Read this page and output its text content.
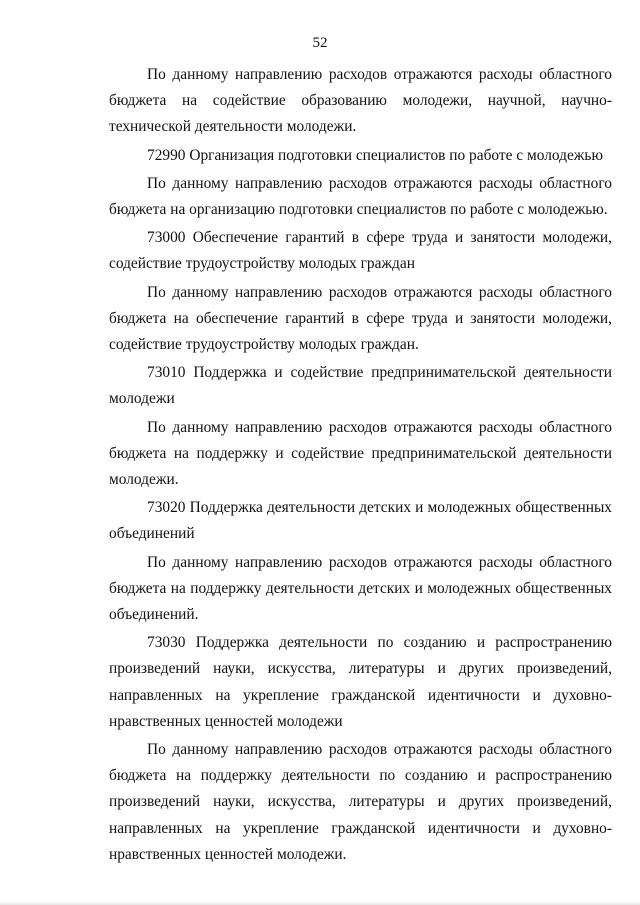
52

По данному направлению расходов отражаются расходы областного бюджета на содействие образованию молодежи, научной, научно-технической деятельности молодежи.

72990 Организация подготовки специалистов по работе с молодежью

По данному направлению расходов отражаются расходы областного бюджета на организацию подготовки специалистов по работе с молодежью.

73000 Обеспечение гарантий в сфере труда и занятости молодежи, содействие трудоустройству молодых граждан

По данному направлению расходов отражаются расходы областного бюджета на обеспечение гарантий в сфере труда и занятости молодежи, содействие трудоустройству молодых граждан.

73010 Поддержка и содействие предпринимательской деятельности молодежи

По данному направлению расходов отражаются расходы областного бюджета на поддержку и содействие предпринимательской деятельности молодежи.

73020 Поддержка деятельности детских и молодежных общественных объединений

По данному направлению расходов отражаются расходы областного бюджета на поддержку деятельности детских и молодежных общественных объединений.

73030 Поддержка деятельности по созданию и распространению произведений науки, искусства, литературы и других произведений, направленных на укрепление гражданской идентичности и духовно-нравственных ценностей молодежи

По данному направлению расходов отражаются расходы областного бюджета на поддержку деятельности по созданию и распространению произведений науки, искусства, литературы и других произведений, направленных на укрепление гражданской идентичности и духовно-нравственных ценностей молодежи.
